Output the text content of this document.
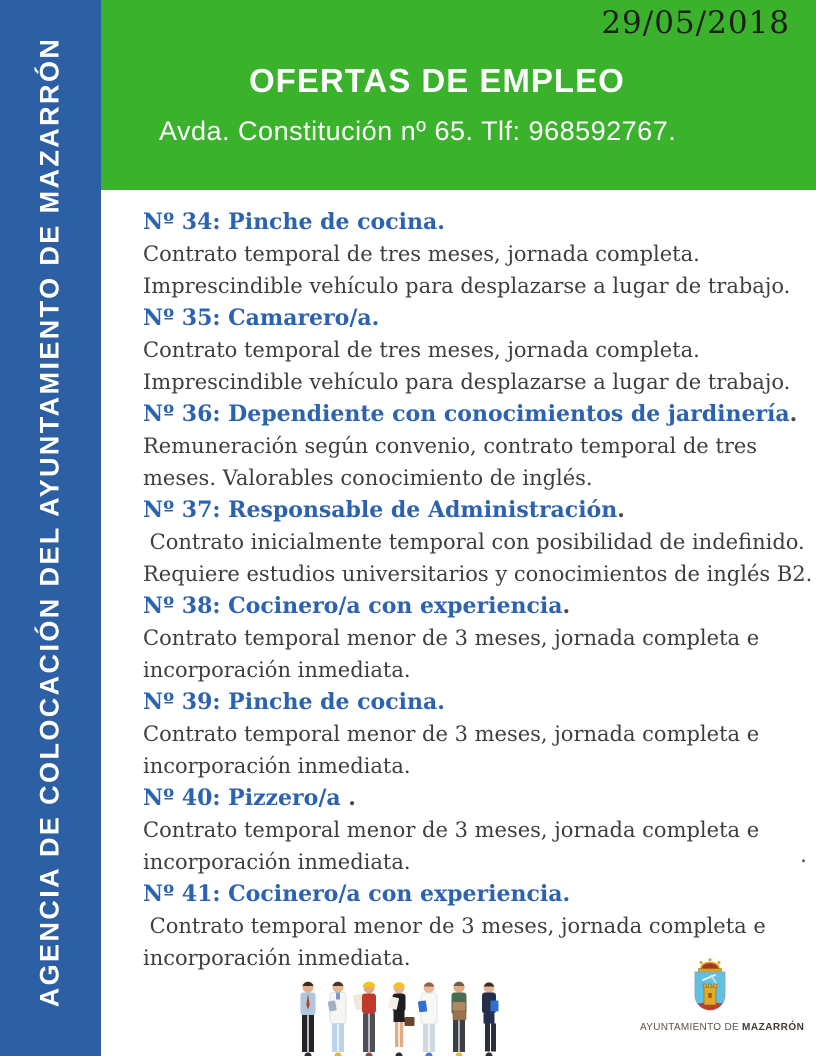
AGENCIA DE COLOCACIÓN DEL AYUNTAMIENTO DE MAZARRÓN
29/05/2018
OFERTAS DE EMPLEO
Avda. Constitución nº 65. Tlf: 968592767.
Nº 34: Pinche de cocina.
Contrato temporal de tres meses, jornada completa.
Imprescindible vehículo para desplazarse a lugar de trabajo.
Nº 35: Camarero/a.
Contrato temporal de tres meses, jornada completa.
Imprescindible vehículo para desplazarse a lugar de trabajo.
Nº 36: Dependiente con conocimientos de jardinería.
Remuneración según convenio, contrato temporal de tres
meses. Valorables conocimiento de inglés.
Nº 37: Responsable de Administración.
Contrato inicialmente temporal con posibilidad de indefinido.
Requiere estudios universitarios y conocimientos de inglés B2.
Nº 38: Cocinero/a con experiencia.
Contrato temporal menor de 3 meses, jornada completa e
incorporación inmediata.
Nº 39: Pinche de cocina.
Contrato temporal menor de 3 meses, jornada completa e
incorporación inmediata.
Nº 40: Pizzero/a .
Contrato temporal menor de 3 meses, jornada completa e
incorporación inmediata.
Nº 41: Cocinero/a con experiencia.
Contrato temporal menor de 3 meses, jornada completa e
incorporación inmediata.
.
AYUNTAMIENTO DE MAZARRÓN
